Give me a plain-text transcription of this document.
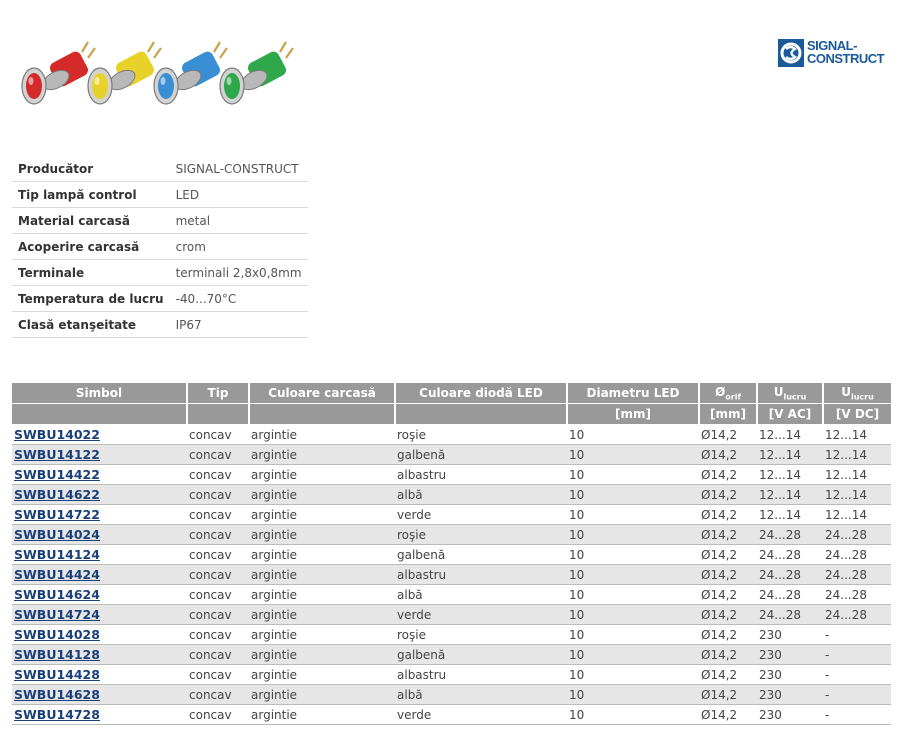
SIGNAL-
CONSTRUCT
Producător	SIGNAL-CONSTRUCT
Tip lampă control	LED
Material carcasă	metal
Acoperire carcasă	crom
Terminale	terminali 2,8x0,8mm
Temperatura de lucru	-40...70°C
Clasă etanşeitate	IP67
Simbol	Tip	Culoare carcasă	Culoare diodă LED	Diametru LED	$Ø_{orif}$	$U_{lucru}$	$U_{lucru}$
				[mm]	[mm]	[V AC]	[V DC]
SWBU14022	concav	argintie	roşie	10	Ø14,2	12...14	12...14
SWBU14122	concav	argintie	galbenă	10	Ø14,2	12...14	12...14
SWBU14422	concav	argintie	albastru	10	Ø14,2	12...14	12...14
SWBU14622	concav	argintie	albă	10	Ø14,2	12...14	12...14
SWBU14722	concav	argintie	verde	10	Ø14,2	12...14	12...14
SWBU14024	concav	argintie	roşie	10	Ø14,2	24...28	24...28
SWBU14124	concav	argintie	galbenă	10	Ø14,2	24...28	24...28
SWBU14424	concav	argintie	albastru	10	Ø14,2	24...28	24...28
SWBU14624	concav	argintie	albă	10	Ø14,2	24...28	24...28
SWBU14724	concav	argintie	verde	10	Ø14,2	24...28	24...28
SWBU14028	concav	argintie	roşie	10	Ø14,2	230	-
SWBU14128	concav	argintie	galbenă	10	Ø14,2	230	-
SWBU14428	concav	argintie	albastru	10	Ø14,2	230	-
SWBU14628	concav	argintie	albă	10	Ø14,2	230	-
SWBU14728	concav	argintie	verde	10	Ø14,2	230	-
